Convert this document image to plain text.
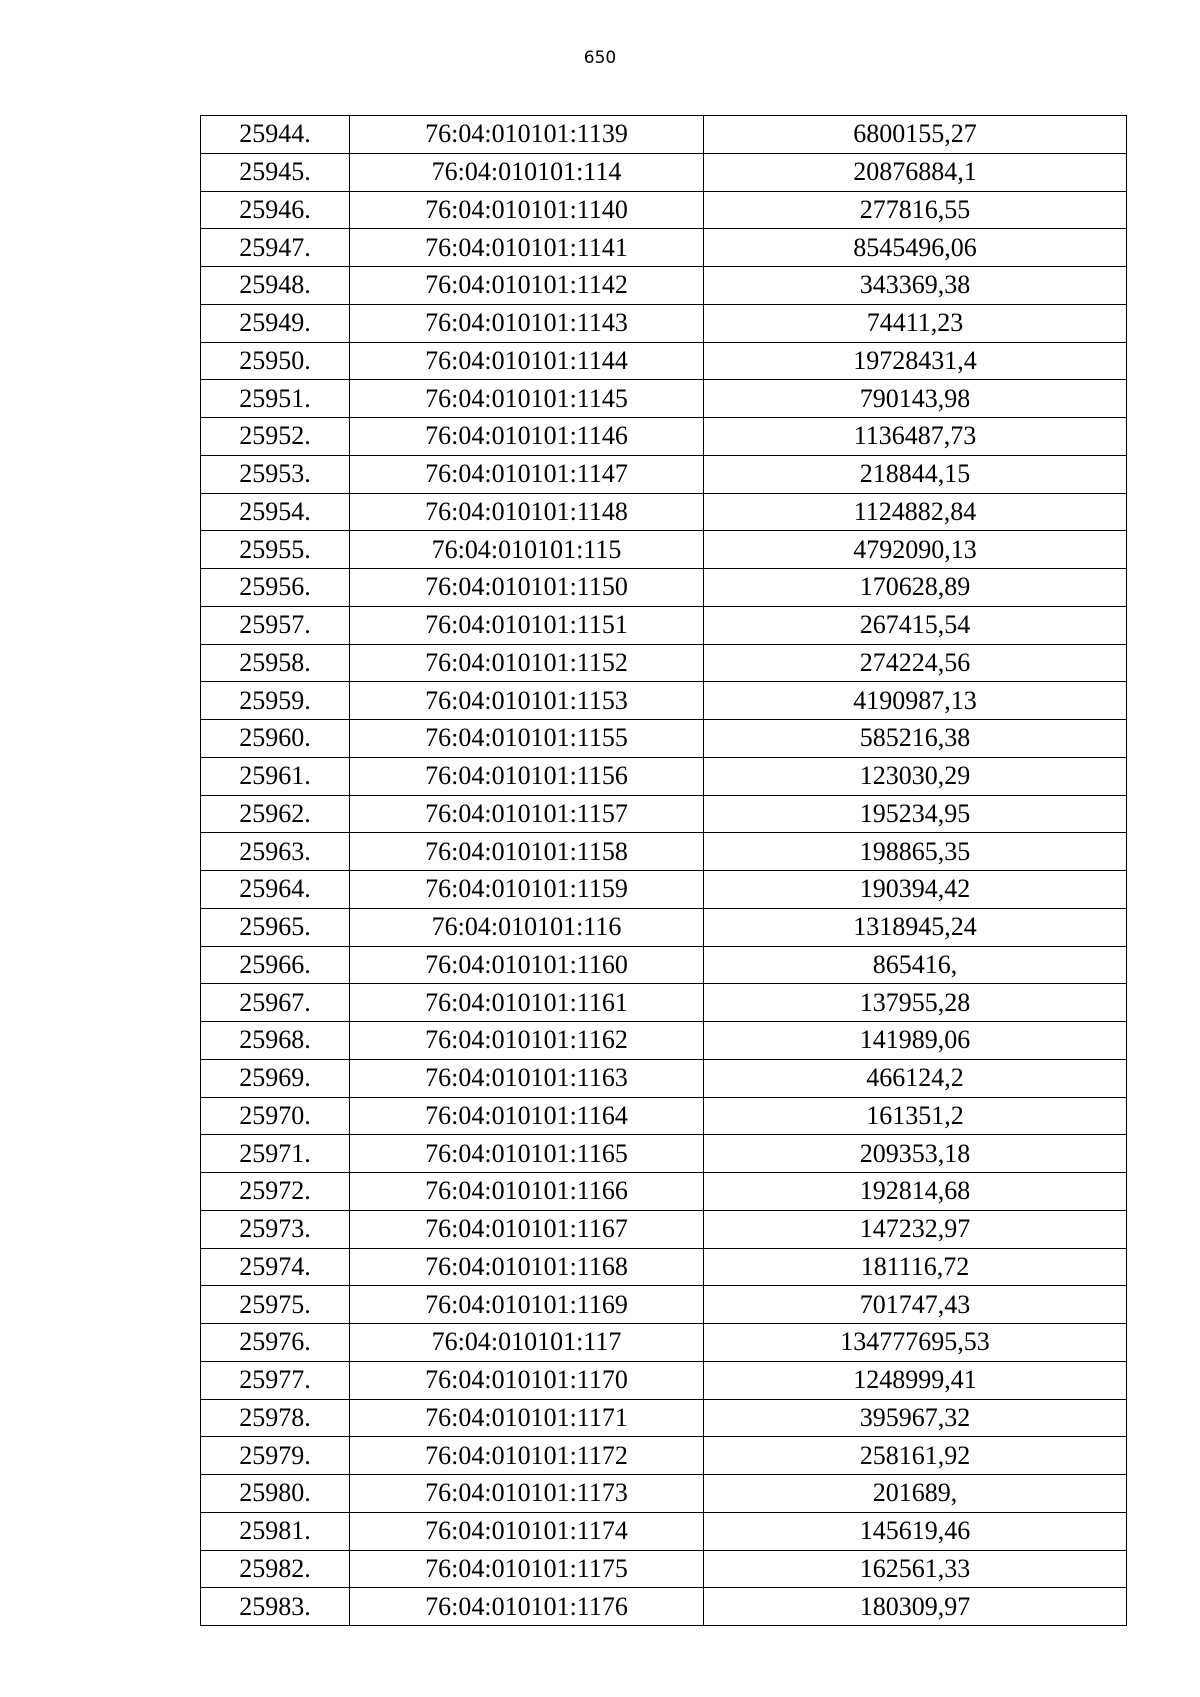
650
25944.	76:04:010101:1139	6800155,27
25945.	76:04:010101:114	20876884,1
25946.	76:04:010101:1140	277816,55
25947.	76:04:010101:1141	8545496,06
25948.	76:04:010101:1142	343369,38
25949.	76:04:010101:1143	74411,23
25950.	76:04:010101:1144	19728431,4
25951.	76:04:010101:1145	790143,98
25952.	76:04:010101:1146	1136487,73
25953.	76:04:010101:1147	218844,15
25954.	76:04:010101:1148	1124882,84
25955.	76:04:010101:115	4792090,13
25956.	76:04:010101:1150	170628,89
25957.	76:04:010101:1151	267415,54
25958.	76:04:010101:1152	274224,56
25959.	76:04:010101:1153	4190987,13
25960.	76:04:010101:1155	585216,38
25961.	76:04:010101:1156	123030,29
25962.	76:04:010101:1157	195234,95
25963.	76:04:010101:1158	198865,35
25964.	76:04:010101:1159	190394,42
25965.	76:04:010101:116	1318945,24
25966.	76:04:010101:1160	865416,
25967.	76:04:010101:1161	137955,28
25968.	76:04:010101:1162	141989,06
25969.	76:04:010101:1163	466124,2
25970.	76:04:010101:1164	161351,2
25971.	76:04:010101:1165	209353,18
25972.	76:04:010101:1166	192814,68
25973.	76:04:010101:1167	147232,97
25974.	76:04:010101:1168	181116,72
25975.	76:04:010101:1169	701747,43
25976.	76:04:010101:117	134777695,53
25977.	76:04:010101:1170	1248999,41
25978.	76:04:010101:1171	395967,32
25979.	76:04:010101:1172	258161,92
25980.	76:04:010101:1173	201689,
25981.	76:04:010101:1174	145619,46
25982.	76:04:010101:1175	162561,33
25983.	76:04:010101:1176	180309,97
